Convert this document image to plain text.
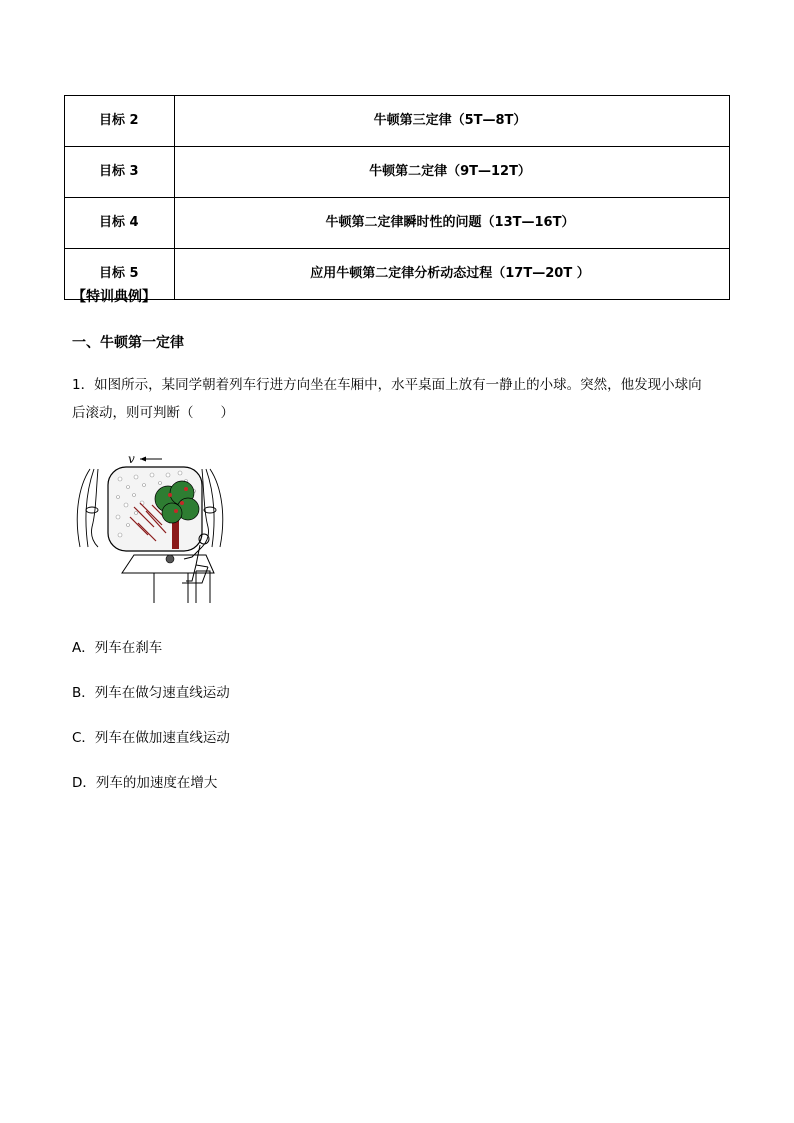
目标 2	牛顿第三定律（5T—8T）
目标 3	牛顿第二定律（9T—12T）
目标 4	牛顿第二定律瞬时性的问题（13T—16T）
目标 5	应用牛顿第二定律分析动态过程（17T—20T ）
【特训典例】
一、牛顿第一定律
1．如图所示，某同学朝着列车行进方向坐在车厢中，水平桌面上放有一静止的小球。突然，他发现小球向
后滚动，则可判断（　　）
v
A．列车在刹车
B．列车在做匀速直线运动
C．列车在做加速直线运动
D．列车的加速度在增大
